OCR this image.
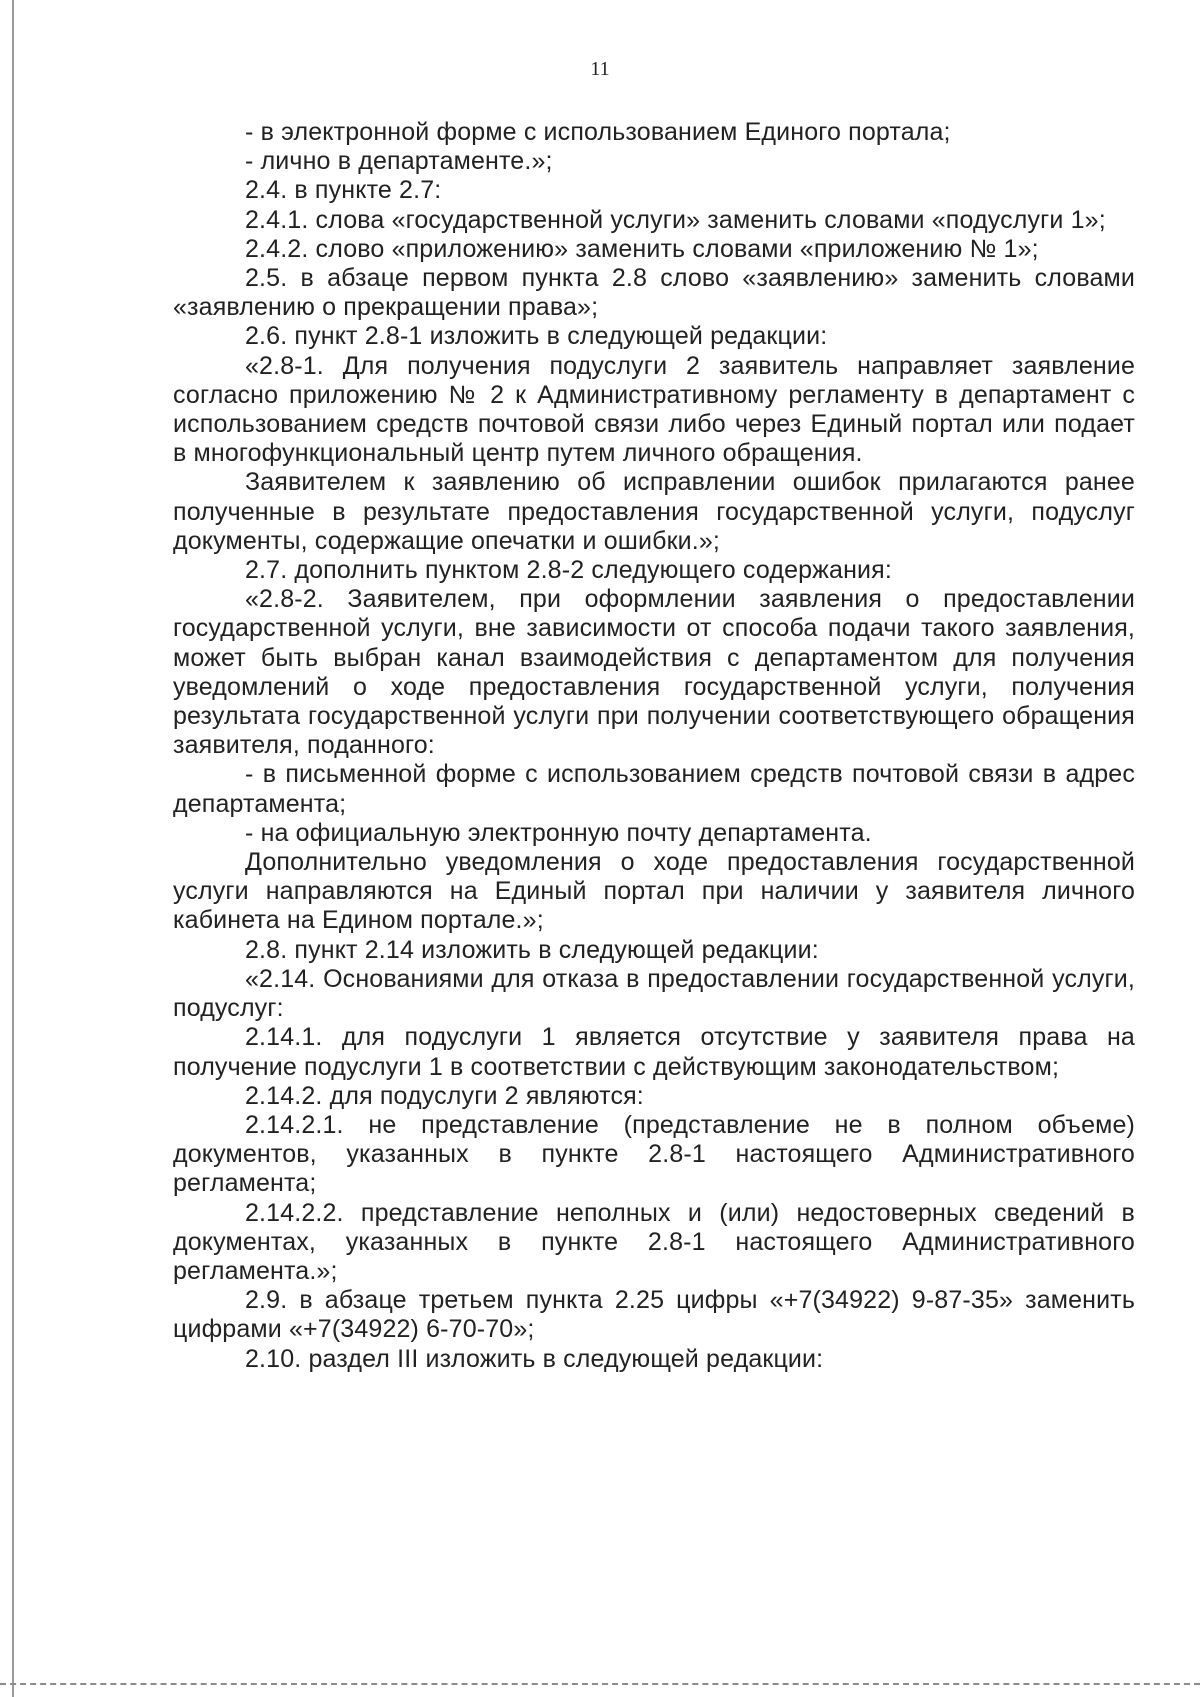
11

- в электронной форме с использованием Единого портала;

- лично в департаменте.»;

2.4. в пункте 2.7:

2.4.1. слова «государственной услуги» заменить словами «подуслуги 1»;

2.4.2. слово «приложению» заменить словами «приложению № 1»;

2.5. в абзаце первом пункта 2.8 слово «заявлению» заменить словами «заявлению о прекращении права»;

2.6. пункт 2.8-1 изложить в следующей редакции:

«2.8-1. Для получения подуслуги 2 заявитель направляет заявление согласно приложению № 2 к Административному регламенту в департамент с использованием средств почтовой связи либо через Единый портал или подает в многофункциональный центр путем личного обращения.

Заявителем к заявлению об исправлении ошибок прилагаются ранее полученные в результате предоставления государственной услуги, подуслуг документы, содержащие опечатки и ошибки.»;

2.7. дополнить пунктом 2.8-2 следующего содержания:

«2.8-2. Заявителем, при оформлении заявления о предоставлении государственной услуги, вне зависимости от способа подачи такого заявления, может быть выбран канал взаимодействия с департаментом для получения уведомлений о ходе предоставления государственной услуги, получения результата государственной услуги при получении соответствующего обращения заявителя, поданного:

- в письменной форме с использованием средств почтовой связи в адрес департамента;

- на официальную электронную почту департамента.

Дополнительно уведомления о ходе предоставления государственной услуги направляются на Единый портал при наличии у заявителя личного кабинета на Едином портале.»;

2.8. пункт 2.14 изложить в следующей редакции:

«2.14. Основаниями для отказа в предоставлении государственной услуги, подуслуг:

2.14.1. для подуслуги 1 является отсутствие у заявителя права на получение подуслуги 1 в соответствии с действующим законодательством;

2.14.2. для подуслуги 2 являются:

2.14.2.1. не представление (представление не в полном объеме) документов, указанных в пункте 2.8-1 настоящего Административного регламента;

2.14.2.2. представление неполных и (или) недостоверных сведений в документах, указанных в пункте 2.8-1 настоящего Административного регламента.»;

2.9. в абзаце третьем пункта 2.25 цифры «+7(34922) 9-87-35» заменить цифрами «+7(34922) 6-70-70»;

2.10. раздел III изложить в следующей редакции:
